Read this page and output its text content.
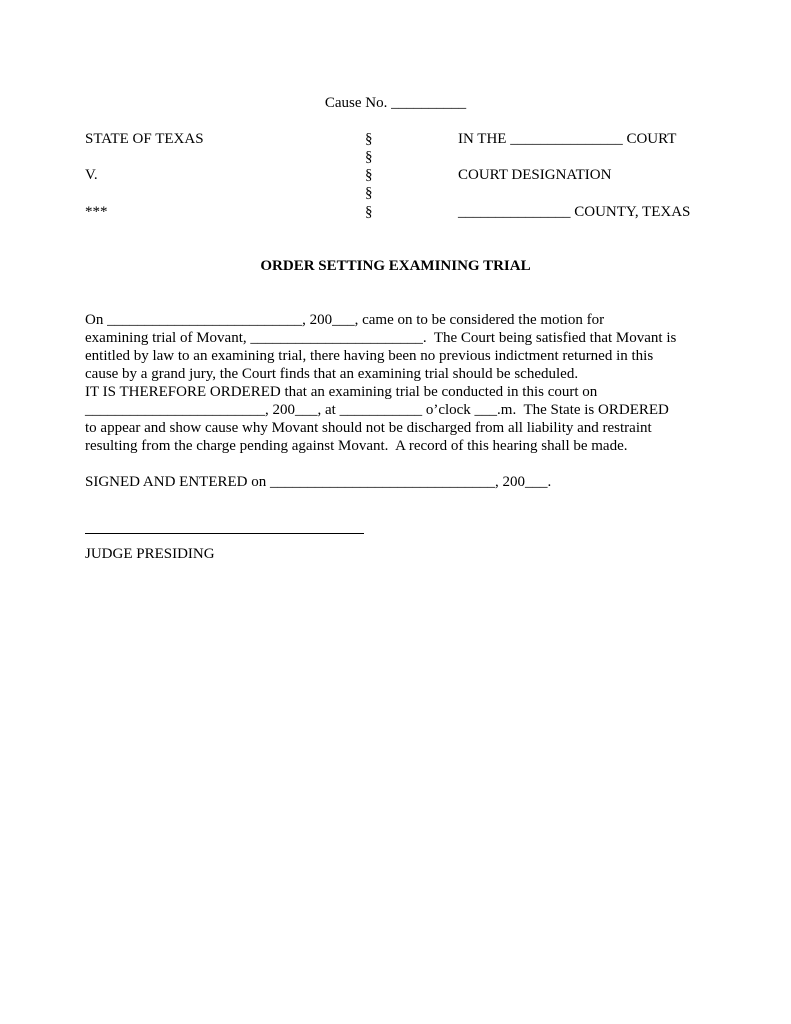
Cause No. __________
STATE OF TEXAS
V.
***
§
§
§
§
§
IN THE _______________ COURT
COURT DESIGNATION
_______________ COUNTY, TEXAS
ORDER SETTING EXAMINING TRIAL
On __________________________, 200___, came on to be considered the motion for
examining trial of Movant, _______________________.  The Court being satisfied that Movant is
entitled by law to an examining trial, there having been no previous indictment returned in this
cause by a grand jury, the Court finds that an examining trial should be scheduled.
IT IS THEREFORE ORDERED that an examining trial be conducted in this court on
________________________, 200___, at ___________ o’clock ___.m.  The State is ORDERED
to appear and show cause why Movant should not be discharged from all liability and restraint
resulting from the charge pending against Movant.  A record of this hearing shall be made.
SIGNED AND ENTERED on ______________________________, 200___.
JUDGE PRESIDING
